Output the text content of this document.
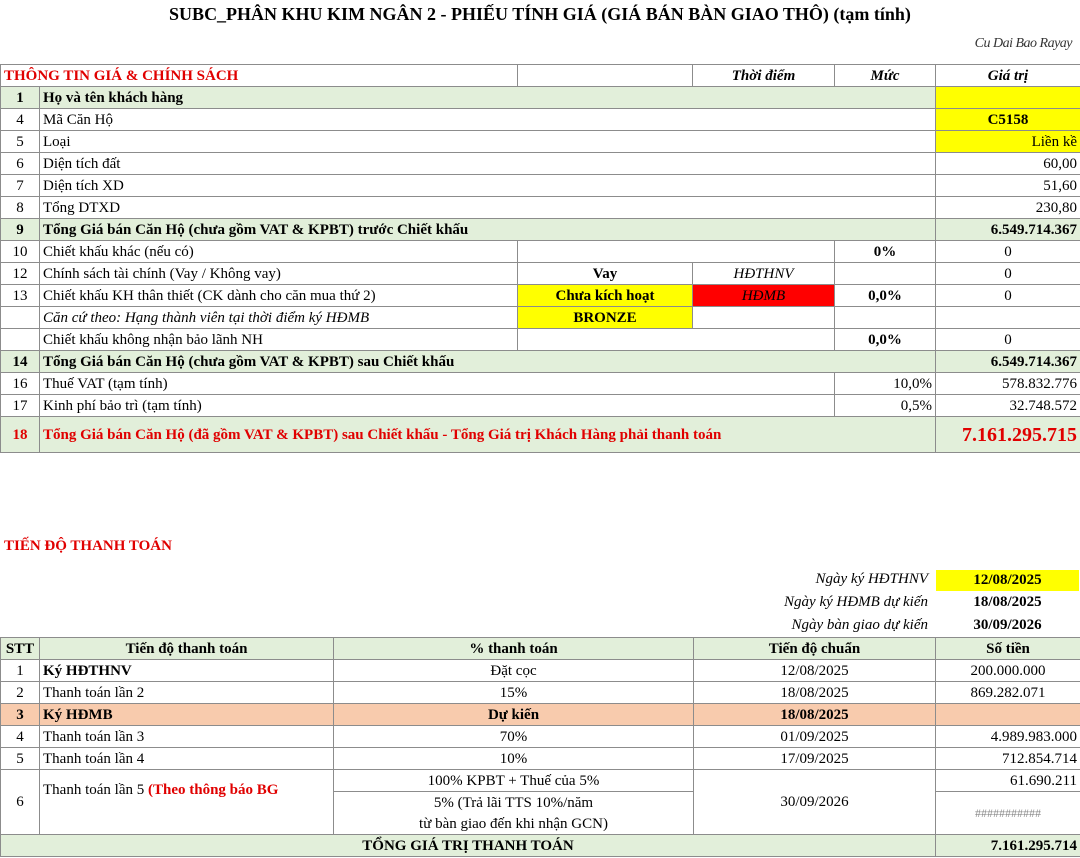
SUBC_PHÂN KHU KIM NGÂN 2 - PHIẾU TÍNH GIÁ (GIÁ BÁN BÀN GIAO THÔ) (tạm tính)
Cu Dai Bao Rayay
THÔNG TIN GIÁ & CHÍNH SÁCH			Thời điểm	Mức	Giá trị
1	Họ và tên khách hàng				
4	Mã Căn Hộ				C5158
5	Loại				Liền kề
6	Diện tích đất				60,00
7	Diện tích XD				51,60
8	Tổng DTXD				230,80
9	Tổng Giá bán Căn Hộ (chưa gồm VAT & KPBT) trước Chiết khấu				6.549.714.367
10	Chiết khấu khác (nếu có)			0%	0
12	Chính sách tài chính (Vay / Không vay)	Vay	HĐTHNV		0
13	Chiết khấu KH thân thiết (CK dành cho căn mua thứ 2)	Chưa kích hoạt	HĐMB	0,0%	0
	Căn cứ theo: Hạng thành viên tại thời điểm ký HĐMB	BRONZE			
	Chiết khấu không nhận bảo lãnh NH			0,0%	0
14	Tổng Giá bán Căn Hộ (chưa gồm VAT & KPBT) sau Chiết khấu				6.549.714.367
16	Thuế VAT (tạm tính)			10,0%	578.832.776
17	Kinh phí bảo trì (tạm tính)			0,5%	32.748.572
18	Tổng Giá bán Căn Hộ (đã gồm VAT & KPBT) sau Chiết khấu - Tổng Giá trị Khách Hàng phải thanh toán				7.161.295.715
TIẾN ĐỘ THANH TOÁN
Ngày ký HĐTHNV	12/08/2025
Ngày ký HĐMB dự kiến	18/08/2025
Ngày bàn giao dự kiến	30/09/2026
STT	Tiến độ thanh toán	% thanh toán	Tiến độ chuẩn	Số tiền
1	Ký HĐTHNV	Đặt cọc	12/08/2025	200.000.000
2	Thanh toán lần 2	15%	18/08/2025	869.282.071
3	Ký HĐMB	Dự kiến	18/08/2025	
4	Thanh toán lần 3	70%	01/09/2025	4.989.983.000
5	Thanh toán lần 4	10%	17/09/2025	712.854.714
6	Thanh toán lần 5 (Theo thông báo BG	100% KPBT + Thuế của 5%	30/09/2026	61.690.211
		5% (Trả lãi TTS 10%/năm		###########
		từ bàn giao đến khi nhận GCN)		
TỔNG GIÁ TRỊ THANH TOÁN				7.161.295.714
